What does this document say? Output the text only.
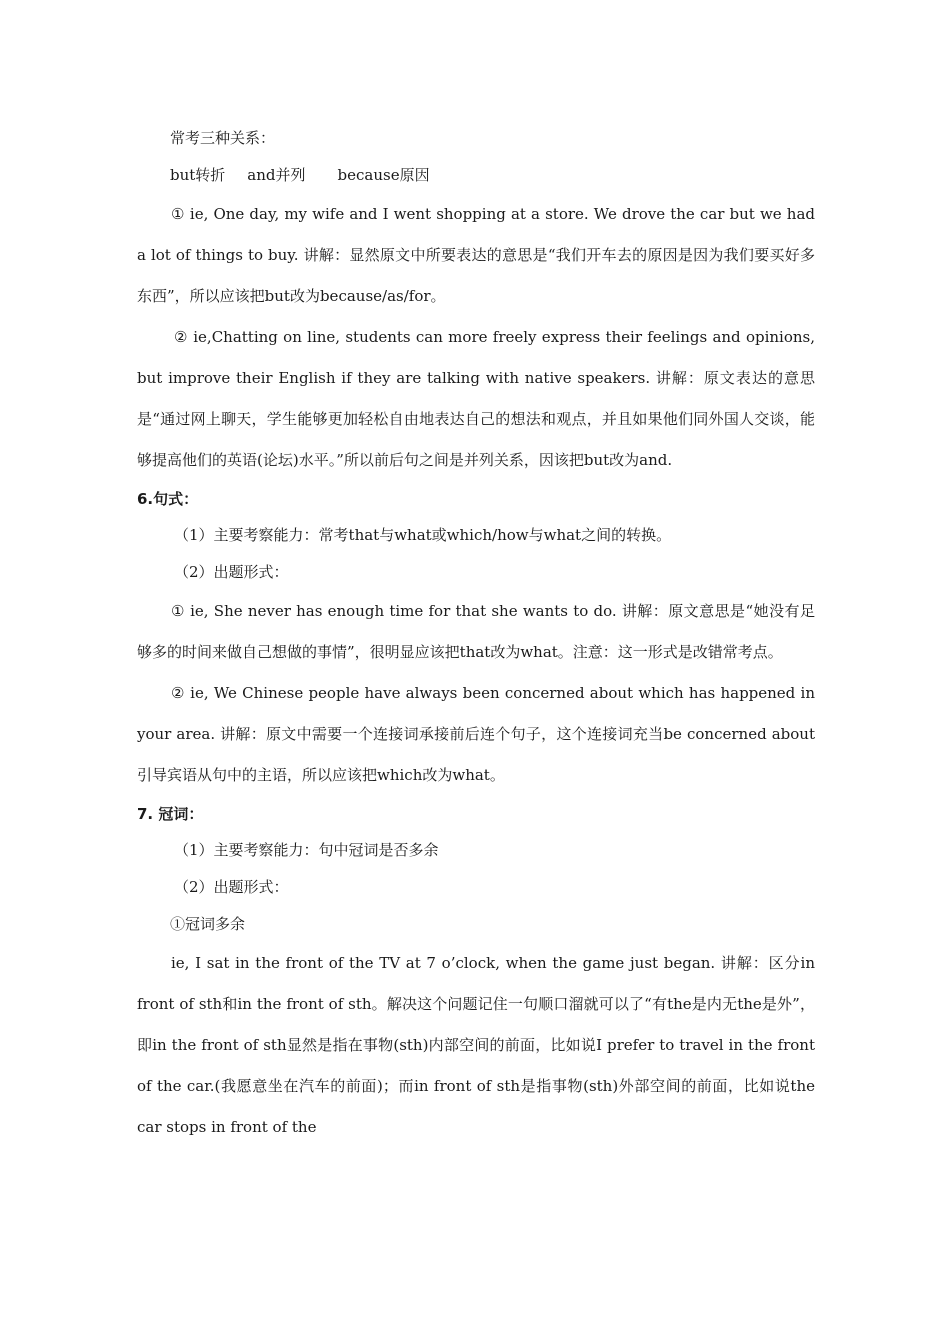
常考三种关系：
but转折 and并列 because原因

① ie, One day, my wife and I went shopping at a store. We drove the car but we had a lot of things to buy. 讲解：显然原文中所要表达的意思是“我们开车去的原因是因为我们要买好多东西”，所以应该把but改为because/as/for。

② ie,Chatting on line, students can more freely express their feelings and opinions, but improve their English if they are talking with native speakers. 讲解：原文表达的意思是“通过网上聊天，学生能够更加轻松自由地表达自己的想法和观点，并且如果他们同外国人交谈，能够提高他们的英语(论坛)水平。”所以前后句之间是并列关系，因该把but改为and.

6.句式：
（1）主要考察能力：常考that与what或which/how与what之间的转换。
（2）出题形式：

① ie, She never has enough time for that she wants to do. 讲解：原文意思是“她没有足够多的时间来做自己想做的事情”，很明显应该把that改为what。注意：这一形式是改错常考点。

② ie, We Chinese people have always been concerned about which has happened in your area. 讲解：原文中需要一个连接词承接前后连个句子，这个连接词充当be concerned about引导宾语从句中的主语，所以应该把which改为what。

7. 冠词：
（1）主要考察能力：句中冠词是否多余
（2）出题形式：
①冠词多余

ie, I sat in the front of the TV at 7 o’clock, when the game just began. 讲解：区分in front of sth和in the front of sth。解决这个问题记住一句顺口溜就可以了“有the是内无the是外”，即in the front of sth显然是指在事物(sth)内部空间的前面，比如说I prefer to travel in the front of the car.(我愿意坐在汽车的前面)；而in front of sth是指事物(sth)外部空间的前面，比如说the car stops in front of the
